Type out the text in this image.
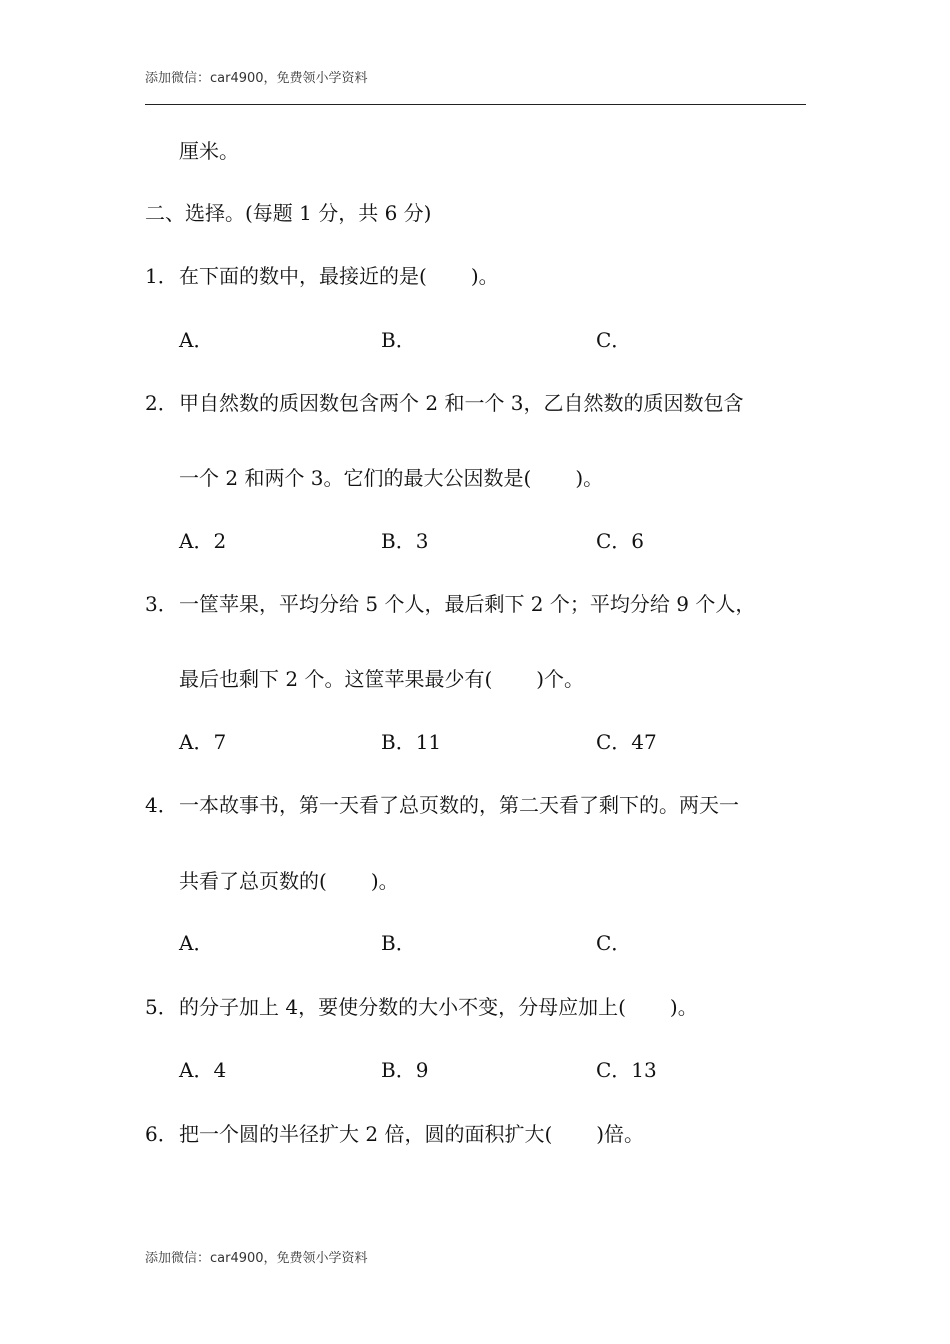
添加微信：car4900，免费领小学资料
厘米。
二、选择。(每题 1 分，共 6 分)
1．在下面的数中，最接近的是( )。
A．	B．	C．
2．甲自然数的质因数包含两个 2 和一个 3，乙自然数的质因数包含
一个 2 和两个 3。它们的最大公因数是( )。
A．2	B．3	C．6
3．一筐苹果，平均分给 5 个人，最后剩下 2 个；平均分给 9 个人，
最后也剩下 2 个。这筐苹果最少有( )个。
A．7	B．11	C．47
4．一本故事书，第一天看了总页数的，第二天看了剩下的。两天一
共看了总页数的( )。
A．	B．	C．
5．的分子加上 4，要使分数的大小不变，分母应加上( )。
A．4	B．9	C．13
6．把一个圆的半径扩大 2 倍，圆的面积扩大( )倍。
添加微信：car4900，免费领小学资料
